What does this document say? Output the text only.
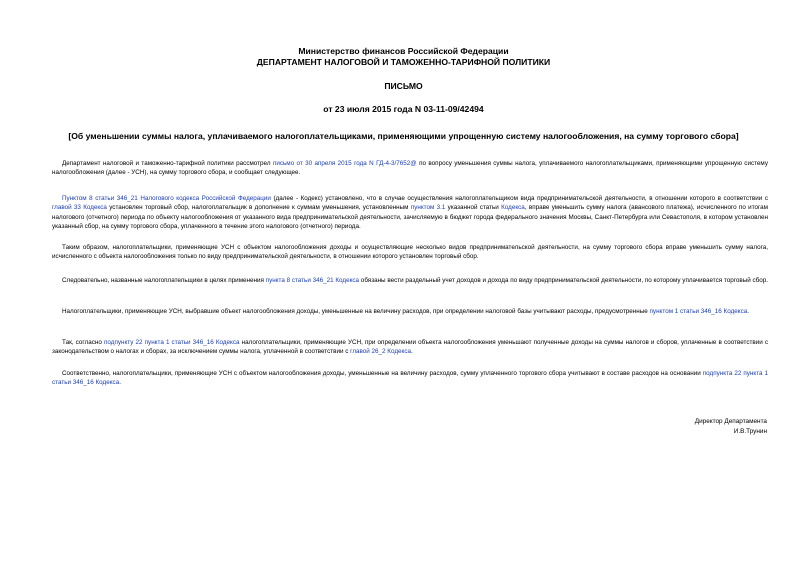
Министерство финансов Российской Федерации
ДЕПАРТАМЕНТ НАЛОГОВОЙ И ТАМОЖЕННО-ТАРИФНОЙ ПОЛИТИКИ
ПИСЬМО
от 23 июля 2015 года N 03-11-09/42494
[Об уменьшении суммы налога, уплачиваемого налогоплательщиками, применяющими упрощенную систему налогообложения, на сумму торгового сбора]

Департамент налоговой и таможенно-тарифной политики рассмотрел письмо от 30 апреля 2015 года N ГД-4-3/7652@ по вопросу уменьшения суммы налога, уплачиваемого налогоплательщиками, применяющими упрощенную систему налогообложения (далее - УСН), на сумму торгового сбора, и сообщает следующее.

Пунктом 8 статьи 346_21 Налогового кодекса Российской Федерации (далее - Кодекс) установлено, что в случае осуществления налогоплательщиком вида предпринимательской деятельности, в отношении которого в соответствии с главой 33 Кодекса установлен торговый сбор, налогоплательщик в дополнение к суммам уменьшения, установленным пунктом 3.1 указанной статьи Кодекса, вправе уменьшить сумму налога (авансового платежа), исчисленного по итогам налогового (отчетного) периода по объекту налогообложения от указанного вида предпринимательской деятельности, зачисляемую в бюджет города федерального значения Москвы, Санкт-Петербурга или Севастополя, в котором установлен указанный сбор, на сумму торгового сбора, уплаченного в течение этого налогового (отчетного) периода.

Таким образом, налогоплательщики, применяющие УСН с объектом налогообложения доходы и осуществляющие несколько видов предпринимательской деятельности, на сумму торгового сбора вправе уменьшить сумму налога, исчисленного с объекта налогообложения только по виду предпринимательской деятельности, в отношении которого установлен торговый сбор.

Следовательно, названные налогоплательщики в целях применения пункта 8 статьи 346_21 Кодекса обязаны вести раздельный учет доходов и дохода по виду предпринимательской деятельности, по которому уплачивается торговый сбор.

Налогоплательщики, применяющие УСН, выбравшие объект налогообложения доходы, уменьшенные на величину расходов, при определении налоговой базы учитывают расходы, предусмотренные пунктом 1 статьи 346_16 Кодекса.

Так, согласно подпункту 22 пункта 1 статьи 346_16 Кодекса налогоплательщики, применяющие УСН, при определении объекта налогообложения уменьшают полученные доходы на суммы налогов и сборов, уплаченные в соответствии с законодательством о налогах и сборах, за исключением суммы налога, уплаченной в соответствии с главой 26_2 Кодекса.

Соответственно, налогоплательщики, применяющие УСН с объектом налогообложения доходы, уменьшенные на величину расходов, сумму уплаченного торгового сбора учитывают в составе расходов на основании подпункта 22 пункта 1 статьи 346_16 Кодекса.

Директор Департамента
И.В.Трунин
